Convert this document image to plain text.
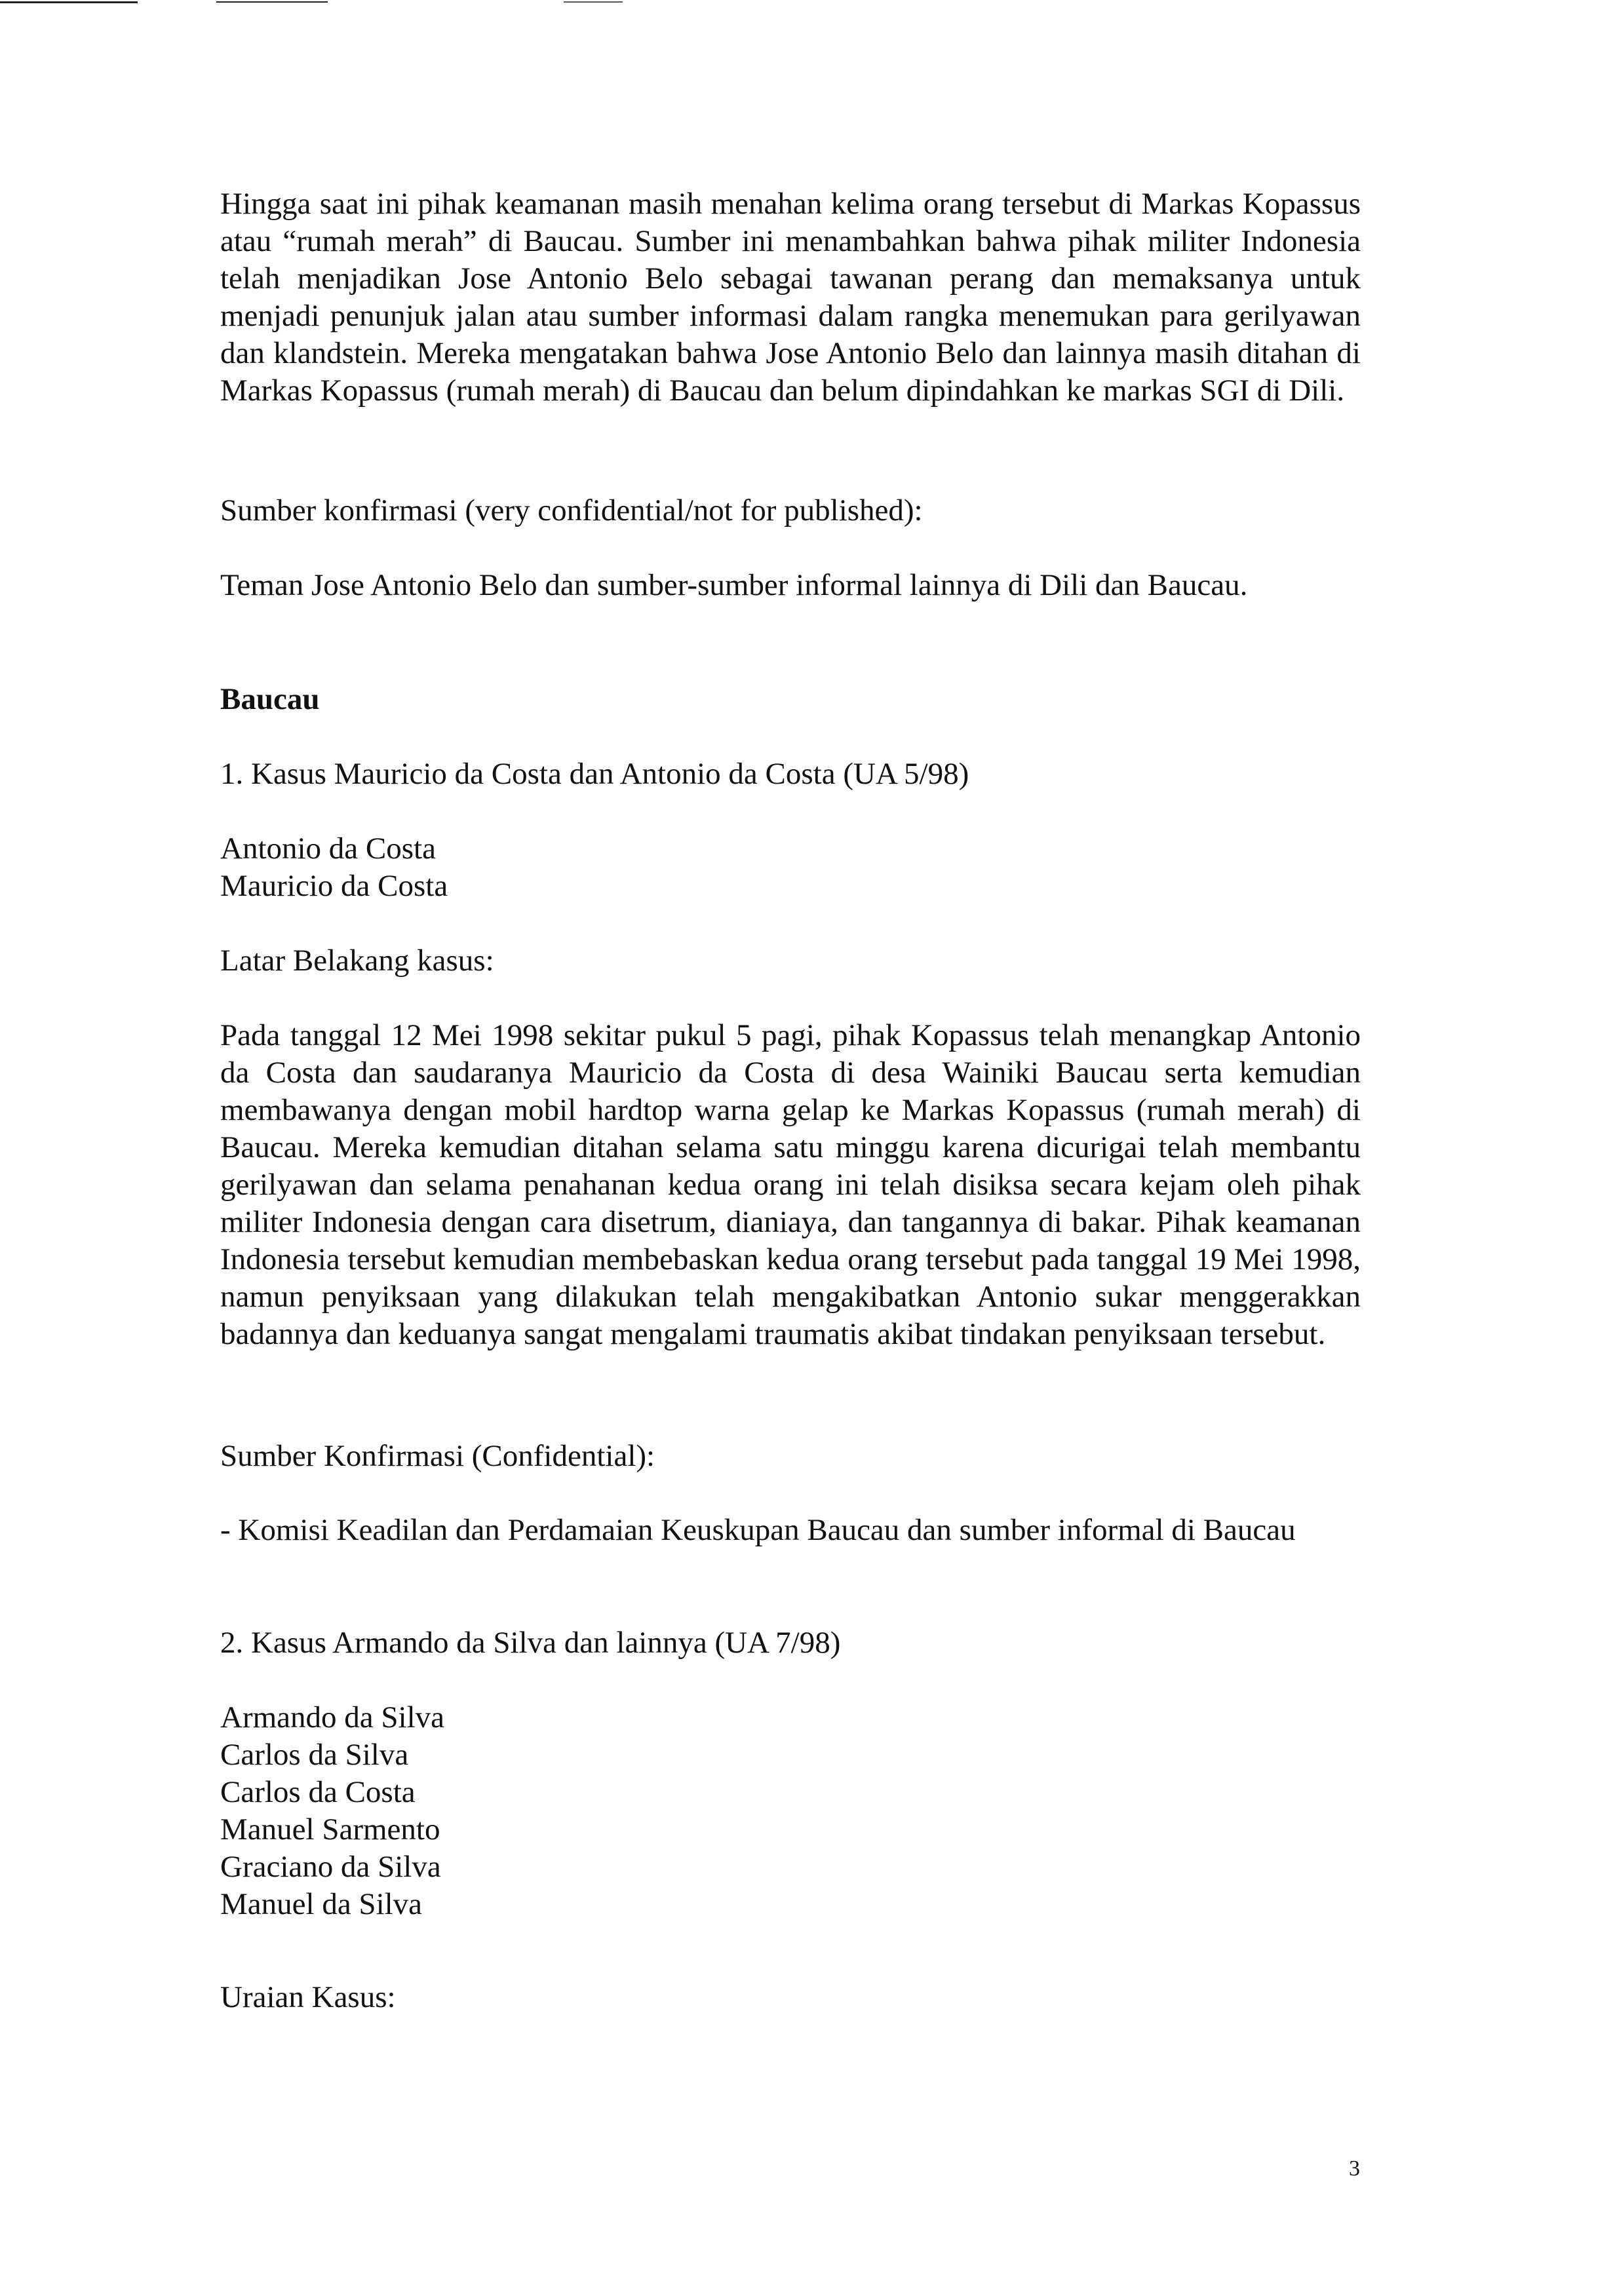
Hingga saat ini pihak keamanan masih menahan kelima orang tersebut di Markas Kopassus atau “rumah merah” di Baucau. Sumber ini menambahkan bahwa pihak militer Indonesia telah menjadikan Jose Antonio Belo sebagai tawanan perang dan memaksanya untuk menjadi penunjuk jalan atau sumber informasi dalam rangka menemukan para gerilyawan dan klandstein. Mereka mengatakan bahwa Jose Antonio Belo dan lainnya masih ditahan di Markas Kopassus (rumah merah) di Baucau dan belum dipindahkan ke markas SGI di Dili.

Sumber konfirmasi (very confidential/not for published):

Teman Jose Antonio Belo dan sumber-sumber informal lainnya di Dili dan Baucau.

Baucau

1. Kasus Mauricio da Costa dan Antonio da Costa (UA 5/98)

Antonio da Costa
Mauricio da Costa

Latar Belakang kasus:

Pada tanggal 12 Mei 1998 sekitar pukul 5 pagi, pihak Kopassus telah menangkap Antonio da Costa dan saudaranya Mauricio da Costa di desa Wainiki Baucau serta kemudian membawanya dengan mobil hardtop warna gelap ke Markas Kopassus (rumah merah) di Baucau. Mereka kemudian ditahan selama satu minggu karena dicurigai telah membantu gerilyawan dan selama penahanan kedua orang ini telah disiksa secara kejam oleh pihak militer Indonesia dengan cara disetrum, dianiaya, dan tangannya di bakar. Pihak keamanan Indonesia tersebut kemudian membebaskan kedua orang tersebut pada tanggal 19 Mei 1998, namun penyiksaan yang dilakukan telah mengakibatkan Antonio sukar menggerakkan badannya dan keduanya sangat mengalami traumatis akibat tindakan penyiksaan tersebut.

Sumber Konfirmasi (Confidential):

- Komisi Keadilan dan Perdamaian Keuskupan Baucau dan sumber informal di Baucau

2. Kasus Armando da Silva dan lainnya (UA 7/98)

Armando da Silva
Carlos da Silva
Carlos da Costa
Manuel Sarmento
Graciano da Silva
Manuel da Silva

Uraian Kasus:

3
